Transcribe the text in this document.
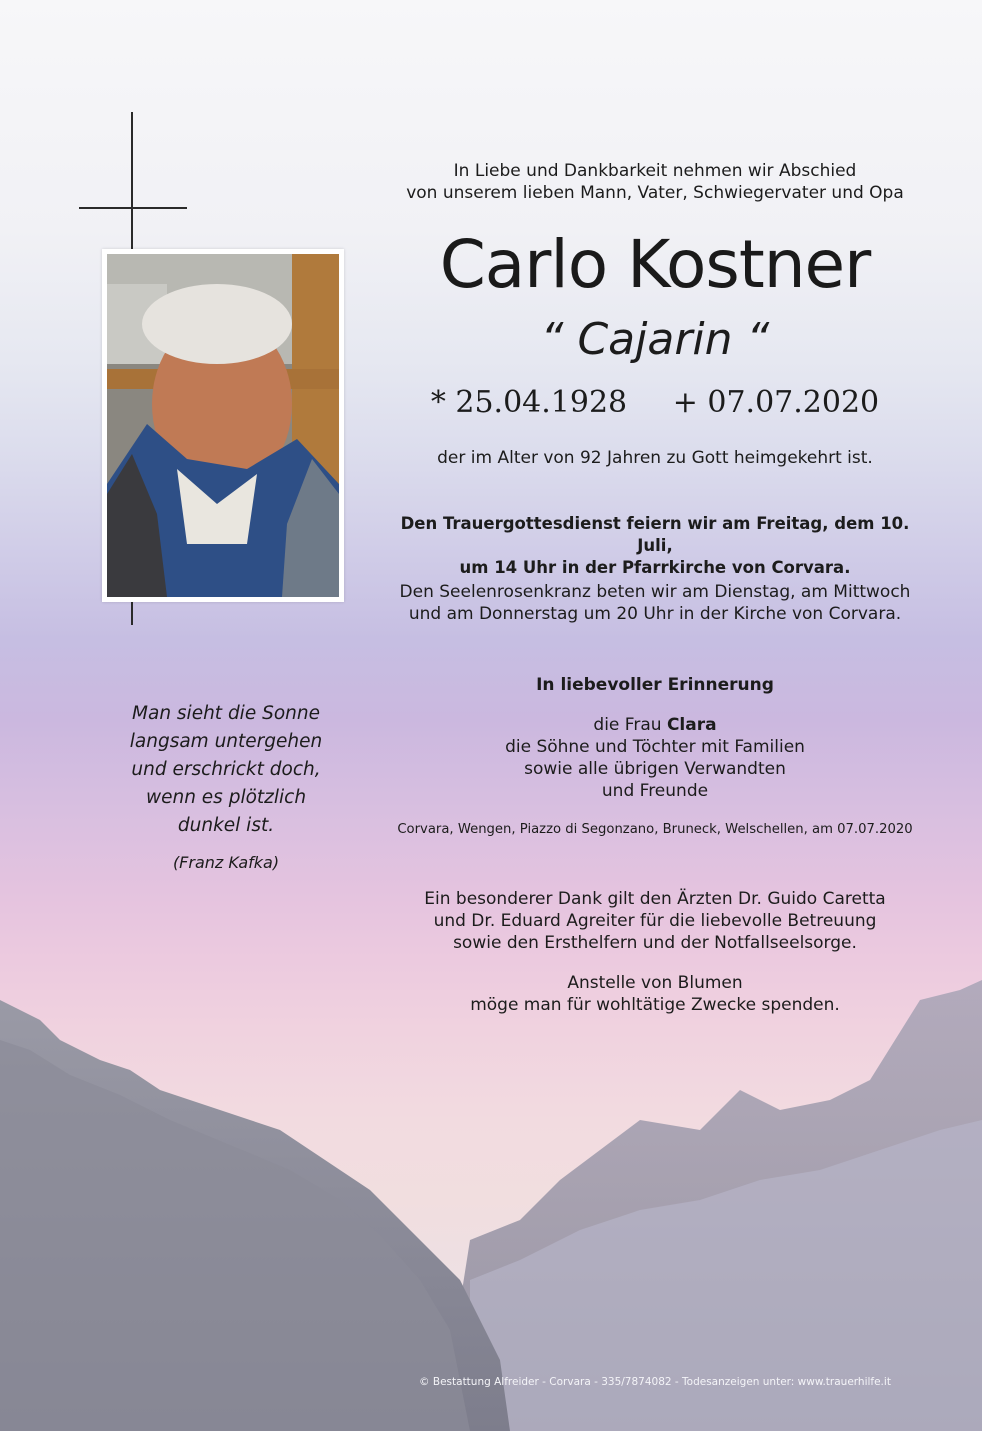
In Liebe und Dankbarkeit nehmen wir Abschied
von unserem lieben Mann, Vater, Schwiegervater und Opa
Carlo Kostner
“ Cajarin “
* 25.04.1928 + 07.07.2020
der im Alter von 92 Jahren zu Gott heimgekehrt ist.
Den Trauergottesdienst feiern wir am Freitag, dem 10. Juli,
um 14 Uhr in der Pfarrkirche von Corvara.
Den Seelenrosenkranz beten wir am Dienstag, am Mittwoch
und am Donnerstag um 20 Uhr in der Kirche von Corvara.
In liebevoller Erinnerung
die Frau Clara
die Söhne und Töchter mit Familien
sowie alle übrigen Verwandten
und Freunde
Corvara, Wengen, Piazzo di Segonzano, Bruneck, Welschellen, am 07.07.2020
Ein besonderer Dank gilt den Ärzten Dr. Guido Caretta
und Dr. Eduard Agreiter für die liebevolle Betreuung
sowie den Ersthelfern und der Notfallseelsorge.
Anstelle von Blumen
möge man für wohltätige Zwecke spenden.
Man sieht die Sonne
langsam untergehen
und erschrickt doch,
wenn es plötzlich
dunkel ist.
(Franz Kafka)
© Bestattung Alfreider - Corvara - 335/7874082 - Todesanzeigen unter: www.trauerhilfe.it
